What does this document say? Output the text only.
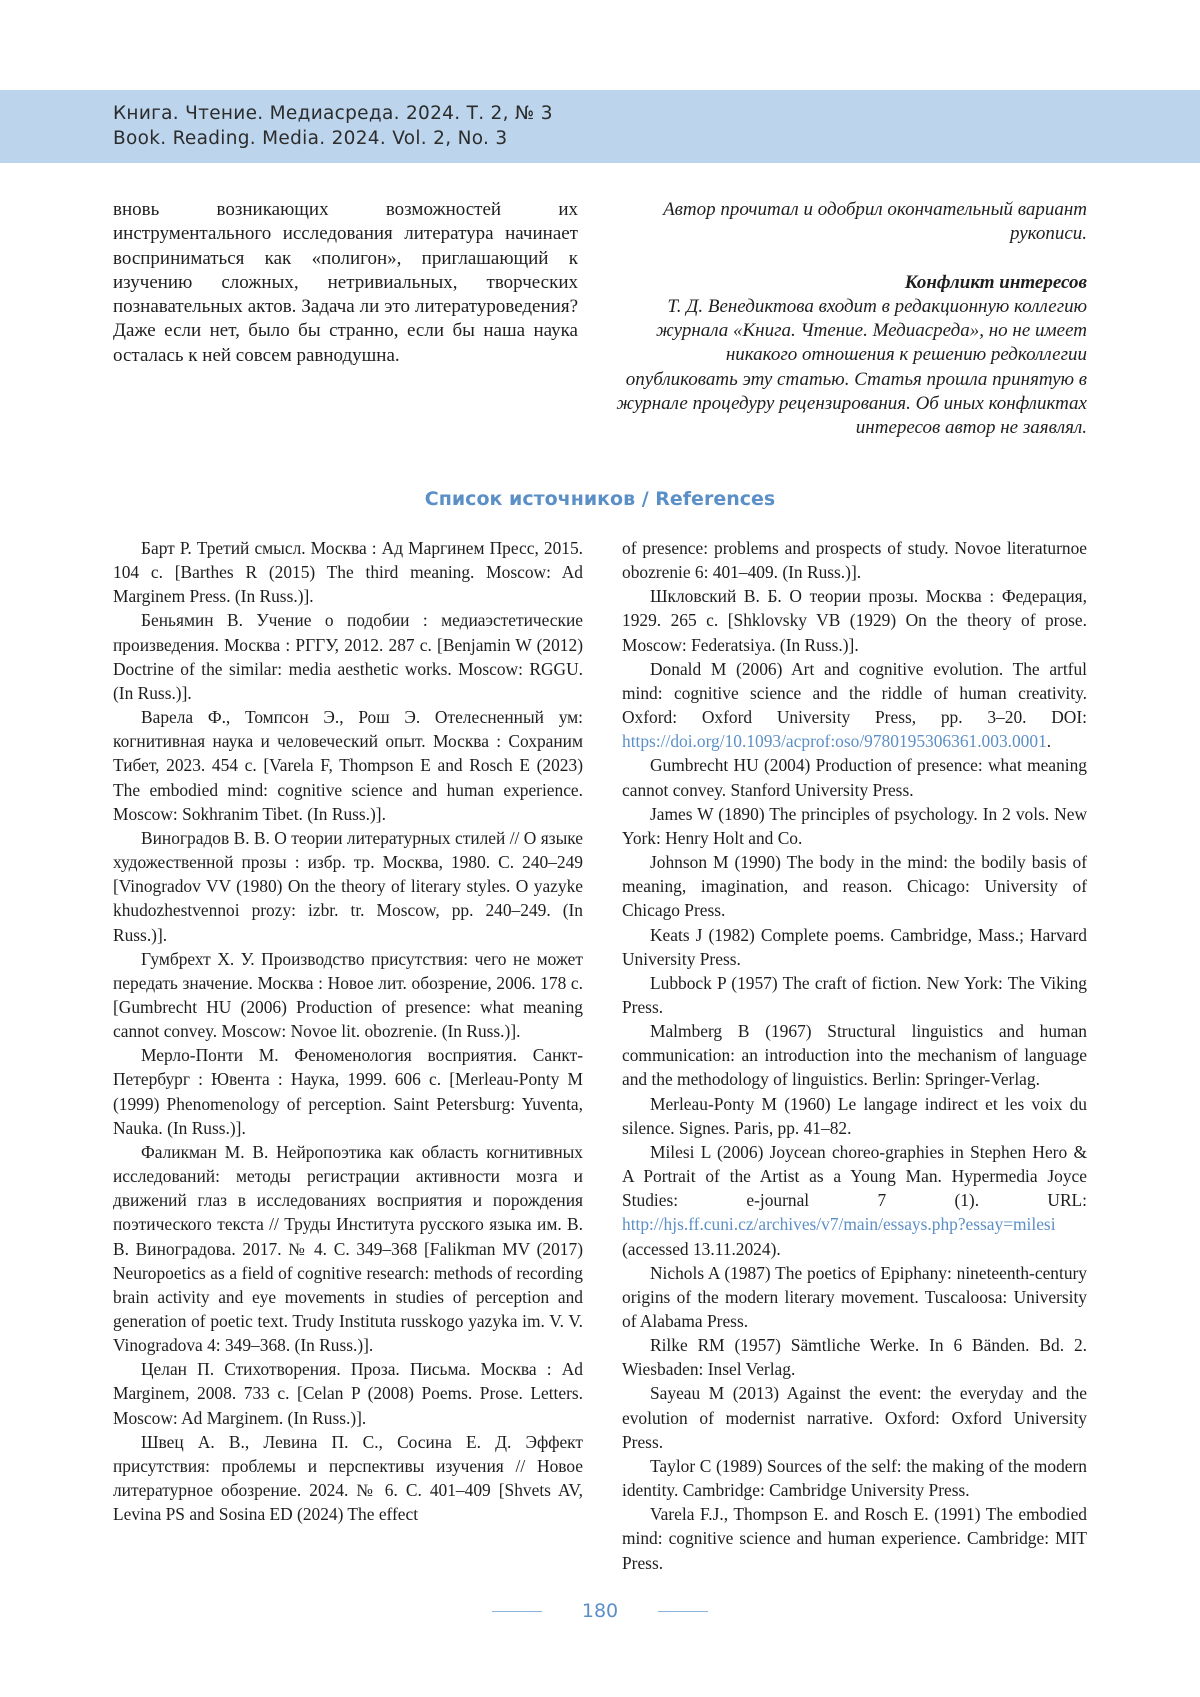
Книга. Чтение. Медиасреда. 2024. Т. 2, № 3
Book. Reading. Media. 2024. Vol. 2, No. 3

вновь возникающих возможностей их инструментального исследования литература начинает восприниматься как «полигон», приглашающий к изучению сложных, нетривиальных, творческих познавательных актов. Задача ли это литературоведения? Даже если нет, было бы странно, если бы наша наука осталась к ней совсем равнодушна.

Автор прочитал и одобрил окончательный вариант рукописи.

Конфликт интересов

Т. Д. Венедиктова входит в редакционную коллегию журнала «Книга. Чтение. Медиасреда», но не имеет никакого отношения к решению редколлегии опубликовать эту статью. Статья прошла принятую в журнале процедуру рецензирования. Об иных конфликтах интересов автор не заявлял.

Список источников / References
Барт Р. Третий смысл. Москва : Ад Маргинем Пресс, 2015. 104 с. [Barthes R (2015) The third meaning. Moscow: Ad Marginem Press. (In Russ.)].
Беньямин В. Учение о подобии : медиаэстетические произведения. Москва : РГГУ, 2012. 287 с. [Benjamin W (2012) Doctrine of the similar: media aesthetic works. Moscow: RGGU. (In Russ.)].
Варела Ф., Томпсон Э., Рош Э. Отелесненный ум: когнитивная наука и человеческий опыт. Москва : Сохраним Тибет, 2023. 454 с. [Varela F, Thompson E and Rosch E (2023) The embodied mind: cognitive science and human experience. Moscow: Sokhranim Tibet. (In Russ.)].
Виноградов В. В. О теории литературных стилей // О языке художественной прозы : избр. тр. Москва, 1980. С. 240–249 [Vinogradov VV (1980) On the theory of literary styles. O yazyke khudozhestvennoi prozy: izbr. tr. Moscow, pp. 240–249. (In Russ.)].
Гумбрехт Х. У. Производство присутствия: чего не может передать значение. Москва : Новое лит. обозрение, 2006. 178 с. [Gumbrecht HU (2006) Production of presence: what meaning cannot convey. Moscow: Novoe lit. obozrenie. (In Russ.)].
Мерло-Понти М. Феноменология восприятия. Санкт-Петербург : Ювента : Наука, 1999. 606 с. [Merleau-Ponty M (1999) Phenomenology of perception. Saint Petersburg: Yuventa, Nauka. (In Russ.)].
Фаликман М. В. Нейропоэтика как область когнитивных исследований: методы регистрации активности мозга и движений глаз в исследованиях восприятия и порождения поэтического текста // Труды Института русского языка им. В. В. Виноградова. 2017. № 4. С. 349–368 [Falikman MV (2017) Neuropoetics as a field of cognitive research: methods of recording brain activity and eye movements in studies of perception and generation of poetic text. Trudy Instituta russkogo yazyka im. V. V. Vinogradova 4: 349–368. (In Russ.)].
Целан П. Стихотворения. Проза. Письма. Москва : Ad Marginem, 2008. 733 с. [Celan P (2008) Poems. Prose. Letters. Moscow: Ad Marginem. (In Russ.)].
Швец А. В., Левина П. С., Сосина Е. Д. Эффект присутствия: проблемы и перспективы изучения // Новое литературное обозрение. 2024. № 6. С. 401–409 [Shvets AV, Levina PS and Sosina ED (2024) The effect
of presence: problems and prospects of study. Novoe literaturnoe obozrenie 6: 401–409. (In Russ.)].
Шкловский В. Б. О теории прозы. Москва : Федерация, 1929. 265 с. [Shklovsky VB (1929) On the theory of prose. Moscow: Federatsiya. (In Russ.)].
Donald M (2006) Art and cognitive evolution. The artful mind: cognitive science and the riddle of human creativity. Oxford: Oxford University Press, pp. 3–20. DOI: https://doi.org/10.1093/acprof:oso/9780195306361.003.0001.
Gumbrecht HU (2004) Production of presence: what meaning cannot convey. Stanford University Press.
James W (1890) The principles of psychology. In 2 vols. New York: Henry Holt and Co.
Johnson M (1990) The body in the mind: the bodily basis of meaning, imagination, and reason. Chicago: University of Chicago Press.
Keats J (1982) Complete poems. Cambridge, Mass.; Harvard University Press.
Lubbock P (1957) The craft of fiction. New York: The Viking Press.
Malmberg B (1967) Structural linguistics and human communication: an introduction into the mechanism of language and the methodology of linguistics. Berlin: Springer-Verlag.
Merleau-Ponty M (1960) Le langage indirect et les voix du silence. Signes. Paris, pp. 41–82.
Milesi L (2006) Joycean choreo-graphies in Stephen Hero & A Portrait of the Artist as a Young Man. Hypermedia Joyce Studies: e-journal 7 (1). URL: http://hjs.ff.cuni.cz/archives/v7/main/essays.php?essay=milesi (accessed 13.11.2024).
Nichols A (1987) The poetics of Epiphany: nineteenth-century origins of the modern literary movement. Tuscaloosa: University of Alabama Press.
Rilke RM (1957) Sämtliche Werke. In 6 Bänden. Bd. 2. Wiesbaden: Insel Verlag.
Sayeau M (2013) Against the event: the everyday and the evolution of modernist narrative. Oxford: Oxford University Press.
Taylor C (1989) Sources of the self: the making of the modern identity. Cambridge: Cambridge University Press.
Varela F.J., Thompson E. and Rosch E. (1991) The embodied mind: cognitive science and human experience. Cambridge: MIT Press.
180
